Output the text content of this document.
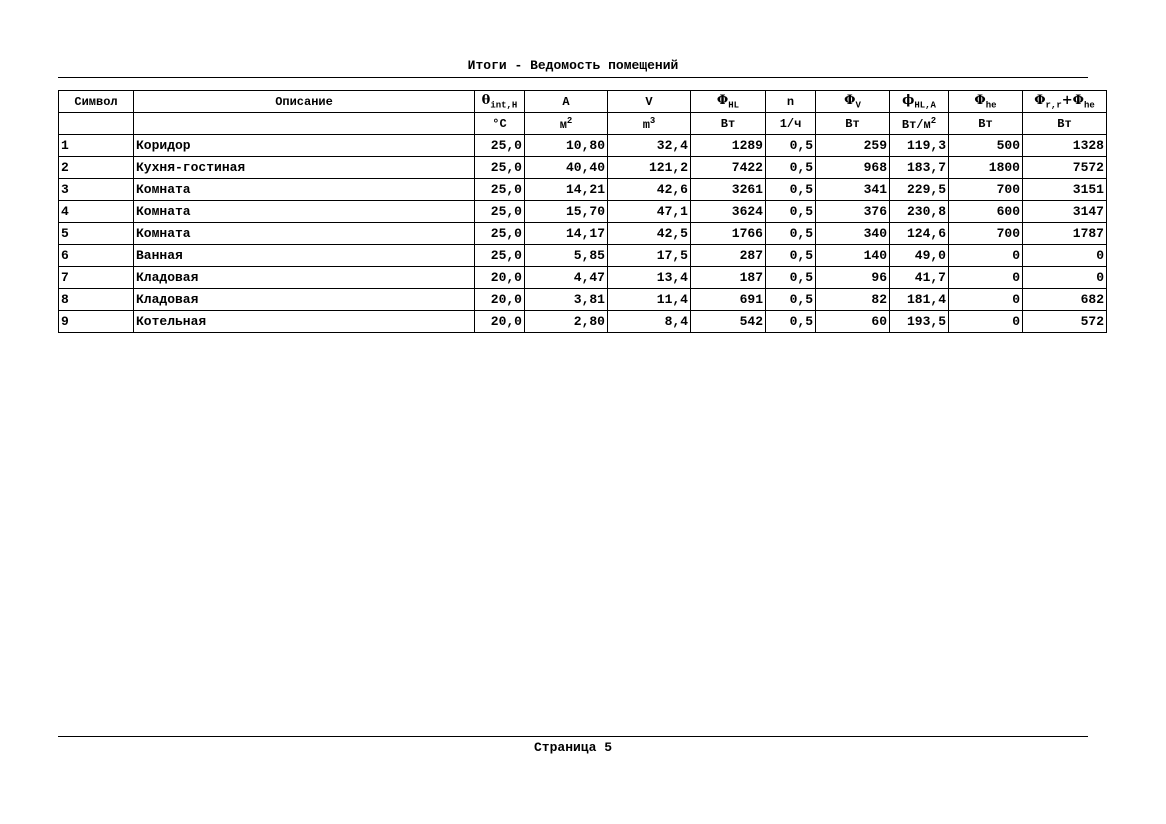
Итоги - Ведомость помещений
Символ	Описание	$\theta_{int,H}$	A	V	$\Phi_{HL}$	n	$\Phi_V$	$\phi_{HL,A}$	$\Phi_{he}$	$\Phi_{r,r}+\Phi_{he}$
		°C	$м^2$	$m^3$	Вт	1/ч	Вт	$Вт/м^2$	Вт	Вт
1	Коридор	25,0	10,80	32,4	1289	0,5	259	119,3	500	1328
2	Кухня-гостиная	25,0	40,40	121,2	7422	0,5	968	183,7	1800	7572
3	Комната	25,0	14,21	42,6	3261	0,5	341	229,5	700	3151
4	Комната	25,0	15,70	47,1	3624	0,5	376	230,8	600	3147
5	Комната	25,0	14,17	42,5	1766	0,5	340	124,6	700	1787
6	Ванная	25,0	5,85	17,5	287	0,5	140	49,0	0	0
7	Кладовая	20,0	4,47	13,4	187	0,5	96	41,7	0	0
8	Кладовая	20,0	3,81	11,4	691	0,5	82	181,4	0	682
9	Котельная	20,0	2,80	8,4	542	0,5	60	193,5	0	572
Страница 5
